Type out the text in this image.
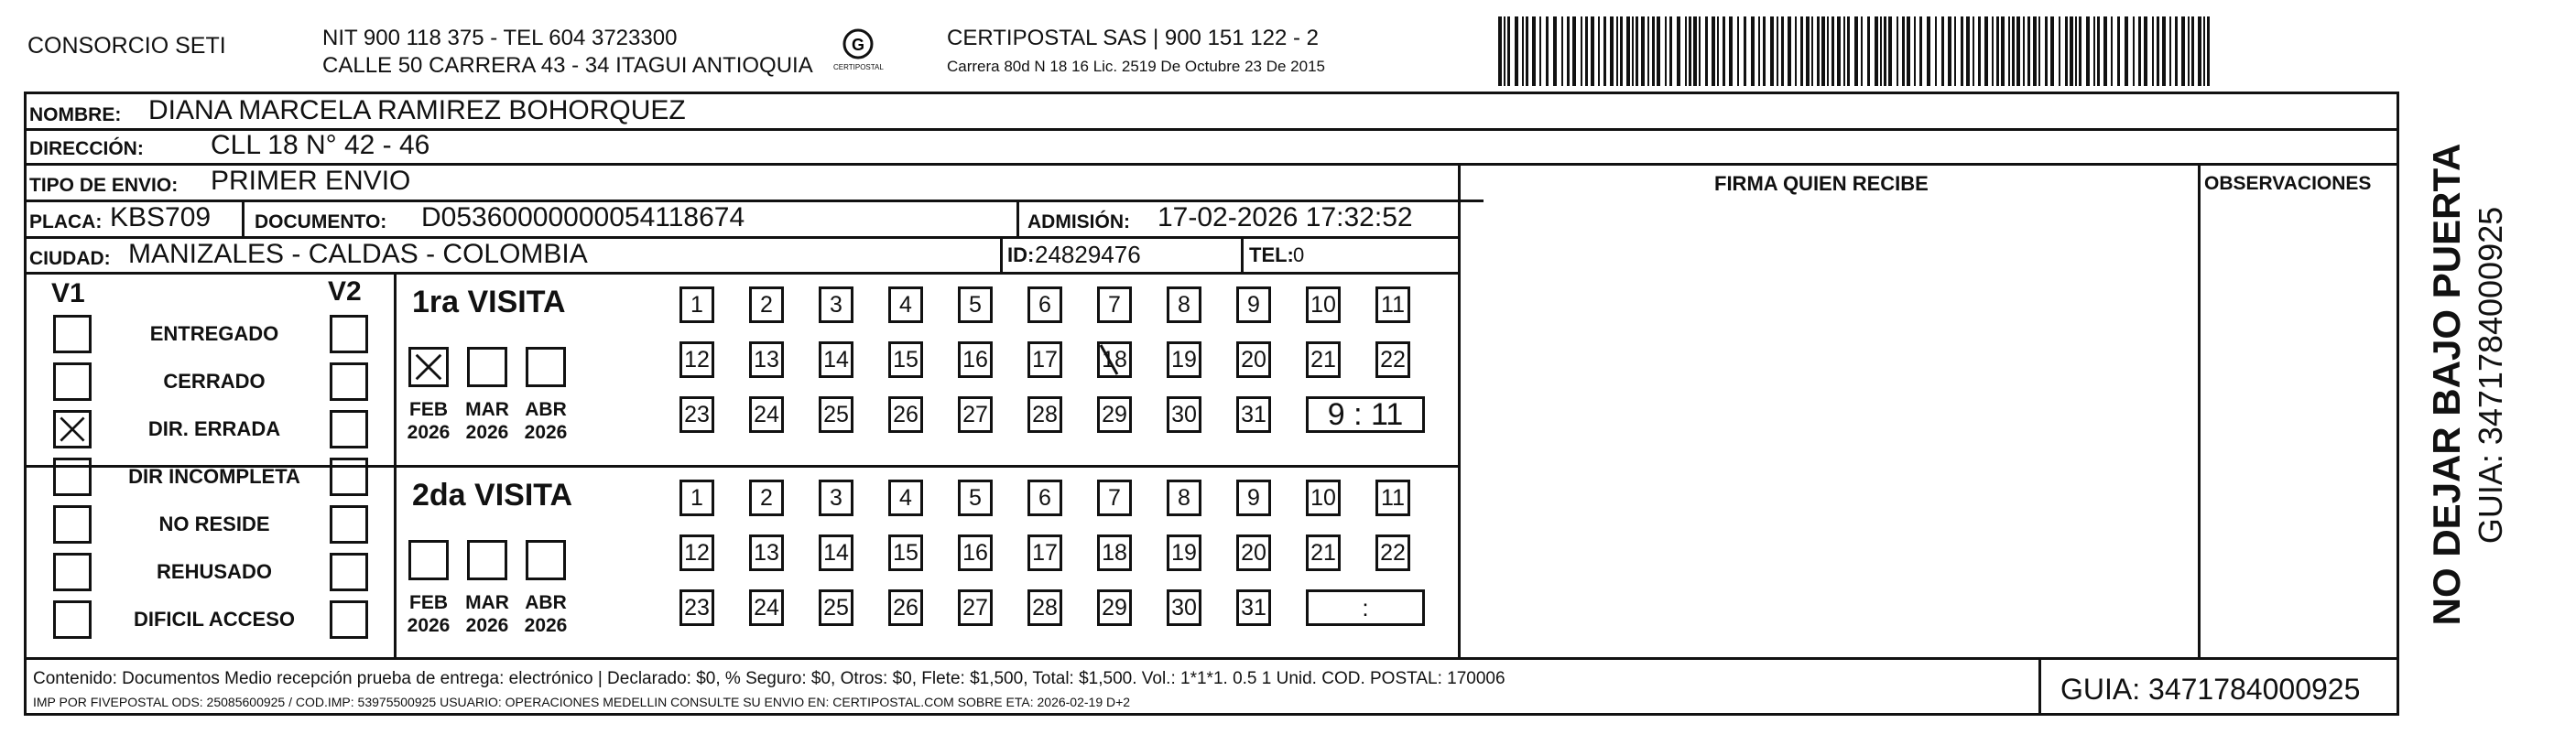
CONSORCIO SETI	NIT 900 118 375 - TEL 604 3723300
CALLE 50 CARRERA 43 - 34 ITAGUI ANTIOQUIA
G
CERTIPOSTAL
CERTIPOSTAL SAS | 900 151 122 - 2
Carrera 80d N 18 16 Lic. 2519 De Octubre 23 De 2015
NOMBRE: DIANA MARCELA RAMIREZ BOHORQUEZ
DIRECCIÓN: CLL 18 N° 42 - 46
TIPO DE ENVIO: PRIMER ENVIO
PLACA: KBS709 DOCUMENTO: D05360000000054118674	ADMISIÓN: 17-02-2026 17:32:52
CIUDAD: MANIZALES - CALDAS - COLOMBIA	ID: 24829476	TEL: 0
FIRMA QUIEN RECIBE	OBSERVACIONES NO DEJAR BAJO PUERTA GUIA: 3471784000925
V1	V2
ENTREGADO
CERRADO
DIR. ERRADA
DIR INCOMPLETA
NO RESIDE
REHUSADO
DIFICIL ACCESO
1ra VISITA
FEB
2026
MAR
2026
ABR
2026
1	2	3	4	5	6	7	8	9	10 11
12 13 14 15 16 17 18 19 20 21 22
23 24 25 26 27 28 29 30 31	9 : 11
2da VISITA
FEB
2026
MAR
2026
ABR
2026
1	2	3	4	5	6	7	8	9	10 11
12 13 14 15 16 17 18 19 20 21 22
23 24 25 26 27 28 29 30 31	:
Contenido: Documentos Medio recepción prueba de entrega: electrónico | Declarado: $0, % Seguro: $0, Otros: $0, Flete: $1,500, Total: $1,500. Vol.: 1*1*1. 0.5 1 Unid. COD. POSTAL: 170006
IMP POR FIVEPOSTAL ODS: 25085600925 / COD.IMP: 53975500925 USUARIO: OPERACIONES MEDELLIN CONSULTE SU ENVIO EN: CERTIPOSTAL.COM SOBRE ETA: 2026-02-19 D+2	GUIA: 3471784000925
